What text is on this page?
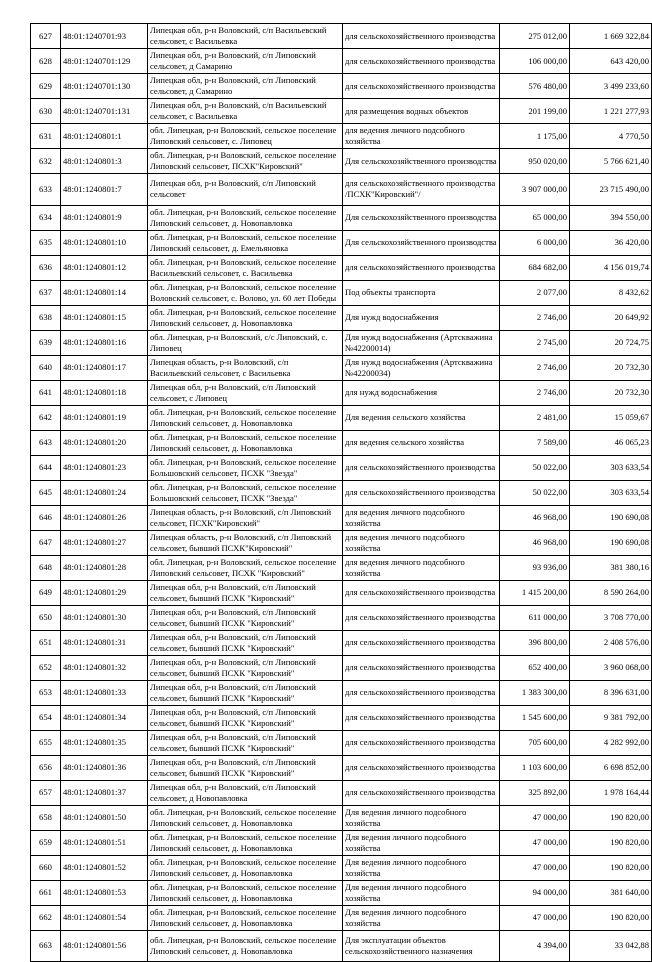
627	48:01:1240701:93	Липецкая обл, р-н Воловский, с/п Васильевский сельсовет, с Васильевка	для сельскохозяйственного производства	275 012,00	1 669 322,84
628	48:01:1240701:129	Липецкая обл, р-н Воловский, с/п Липовский сельсовет, д Самарино	для сельскохозяйственного производства	106 000,00	643 420,00
629	48:01:1240701:130	Липецкая обл, р-н Воловский, с/п Липовский сельсовет, д Самарино	для сельскохозяйственного производства	576 480,00	3 499 233,60
630	48:01:1240701:131	Липецкая обл, р-н Воловский, с/п Васильевский сельсовет, с Васильевка	для размещения водных объектов	201 199,00	1 221 277,93
631	48:01:1240801:1	обл. Липецкая, р-н Воловский, сельское поселение Липовский сельсовет, с. Липовец	для ведения личного подсобного хозяйства	1 175,00	4 770,50
632	48:01:1240801:3	обл. Липецкая, р-н Воловский, сельское поселение Липовский сельсовет, ПСХК"Кировский"	Для сельскохозяйственного производства	950 020,00	5 766 621,40
633	48:01:1240801:7	Липецкая обл, р-н Воловский, с/п Липовский сельсовет	для сельскохозяйственного производства /ПСХК"Кировский"/	3 907 000,00	23 715 490,00
634	48:01:1240801:9	обл. Липецкая, р-н Воловский, сельское поселение Липовский сельсовет, д. Новопавловка	Для сельскохозяйственного производства	65 000,00	394 550,00
635	48:01:1240801:10	обл. Липецкая, р-н Воловский, сельское поселение Липовский сельсовет, д. Емельяновка	Для сельскохозяйственного производства	6 000,00	36 420,00
636	48:01:1240801:12	обл. Липецкая, р-н Воловский, сельское поселение Васильевский сельсовет, с. Васильевка	для сельскохозяйственного производства	684 682,00	4 156 019,74
637	48:01:1240801:14	обл. Липецкая, р-н Воловский, сельское поселение Воловский сельсовет, с. Волово, ул. 60 лет Победы	Под объекты транспорта	2 077,00	8 432,62
638	48:01:1240801:15	обл. Липецкая, р-н Воловский, сельское поселение Липовский сельсовет, д. Новопавловка	Для нужд водоснабжения	2 746,00	20 649,92
639	48:01:1240801:16	обл. Липецкая, р-н Воловский, с/с Липовский, с. Липовец	Для нужд водоснабжения (Артскважина №42200014)	2 745,00	20 724,75
640	48:01:1240801:17	Липецкая область, р-н Воловский, с/п Васильевский сельсовет, с Васильевка	Для нужд водоснабжения (Артскважина №42200034)	2 746,00	20 732,30
641	48:01:1240801:18	Липецкая обл, р-н Воловский, с/п Липовский сельсовет, с Липовец	для нужд водоснабжения	2 746,00	20 732,30
642	48:01:1240801:19	обл. Липецкая, р-н Воловский, сельское поселение Липовский сельсовет, д. Новопавловка	Для ведения сельского хозяйства	2 481,00	15 059,67
643	48:01:1240801:20	обл. Липецкая, р-н Воловский, сельское поселение Липовский сельсовет, д. Новопавловка	для ведения сельского хозяйства	7 589,00	46 065,23
644	48:01:1240801:23	обл. Липецкая, р-н Воловский, сельское поселение Большовский сельсовет, ПСХК "Звезда"	для сельскохозяйственного производства	50 022,00	303 633,54
645	48:01:1240801:24	обл. Липецкая, р-н Воловский, сельское поселение Большовский сельсовет, ПСХК "Звезда"	для сельскохозяйственного производства	50 022,00	303 633,54
646	48:01:1240801:26	Липецкая область, р-н Воловский, с/п Липовский сельсовет, ПСХК"Кировский"	для ведения личного подсобного хозяйства	46 968,00	190 690,08
647	48:01:1240801:27	Липецкая область, р-н Воловский, с/п Липовский сельсовет, бывший ПСХК"Кировский"	для ведения личного подсобного хозяйства	46 968,00	190 690,08
648	48:01:1240801:28	обл. Липецкая, р-н Воловский, сельское поселение Липовский сельсовет, ПСХК "Кировский"	для ведения личного подсобного хозяйства	93 936,00	381 380,16
649	48:01:1240801:29	Липецкая обл, р-н Воловский, с/п Липовский сельсовет, бывший ПСХК "Кировский"	для сельскохозяйственного производства	1 415 200,00	8 590 264,00
650	48:01:1240801:30	Липецкая обл, р-н Воловский, с/п Липовский сельсовет, бывший ПСХК "Кировский"	для сельскохозяйственного производства	611 000,00	3 708 770,00
651	48:01:1240801:31	Липецкая обл, р-н Воловский, с/п Липовский сельсовет, бывший ПСХК "Кировский"	для сельскохозяйственного производства	396 800,00	2 408 576,00
652	48:01:1240801:32	Липецкая обл, р-н Воловский, с/п Липовский сельсовет, бывший ПСХК "Кировский"	для сельскохозяйственного производства	652 400,00	3 960 068,00
653	48:01:1240801:33	Липецкая обл, р-н Воловский, с/п Липовский сельсовет, бывший ПСХК "Кировский"	для сельскохозяйственного производства	1 383 300,00	8 396 631,00
654	48:01:1240801:34	Липецкая обл, р-н Воловский, с/п Липовский сельсовет, бывший ПСХК "Кировский"	для сельскохозяйственного производства	1 545 600,00	9 381 792,00
655	48:01:1240801:35	Липецкая обл, р-н Воловский, с/п Липовский сельсовет, бывший ПСХК "Кировский"	для сельскохозяйственного производства	705 600,00	4 282 992,00
656	48:01:1240801:36	Липецкая обл, р-н Воловский, с/п Липовский сельсовет, бывший ПСХК "Кировский"	для сельскохозяйственного производства	1 103 600,00	6 698 852,00
657	48:01:1240801:37	Липецкая обл, р-н Воловский, с/п Липовский сельсовет, д Новопавловка	для сельскохозяйственного производства	325 892,00	1 978 164,44
658	48:01:1240801:50	обл. Липецкая, р-н Воловский, сельское поселение Липовский сельсовет, д. Новопавловка	Для ведения личного подсобного хозяйства	47 000,00	190 820,00
659	48:01:1240801:51	обл. Липецкая, р-н Воловский, сельское поселение Липовский сельсовет, д. Новопавловка	Для ведения личного подсобного хозяйства	47 000,00	190 820,00
660	48:01:1240801:52	обл. Липецкая, р-н Воловский, сельское поселение Липовский сельсовет, д. Новопавловка	Для ведения личного подсобного хозяйства	47 000,00	190 820,00
661	48:01:1240801:53	обл. Липецкая, р-н Воловский, сельское поселение Липовский сельсовет, д. Новопавловка	Для ведения личного подсобного хозяйства	94 000,00	381 640,00
662	48:01:1240801:54	обл. Липецкая, р-н Воловский, сельское поселение Липовский сельсовет, д. Новопавловка	Для ведения личного подсобного хозяйства	47 000,00	190 820,00
663	48:01:1240801:56	обл. Липецкая, р-н Воловский, сельское поселение Липовский сельсовет, д. Новопавловка	Для эксплуатации объектов сельскохозяйственного назначения	4 394,00	33 042,88
